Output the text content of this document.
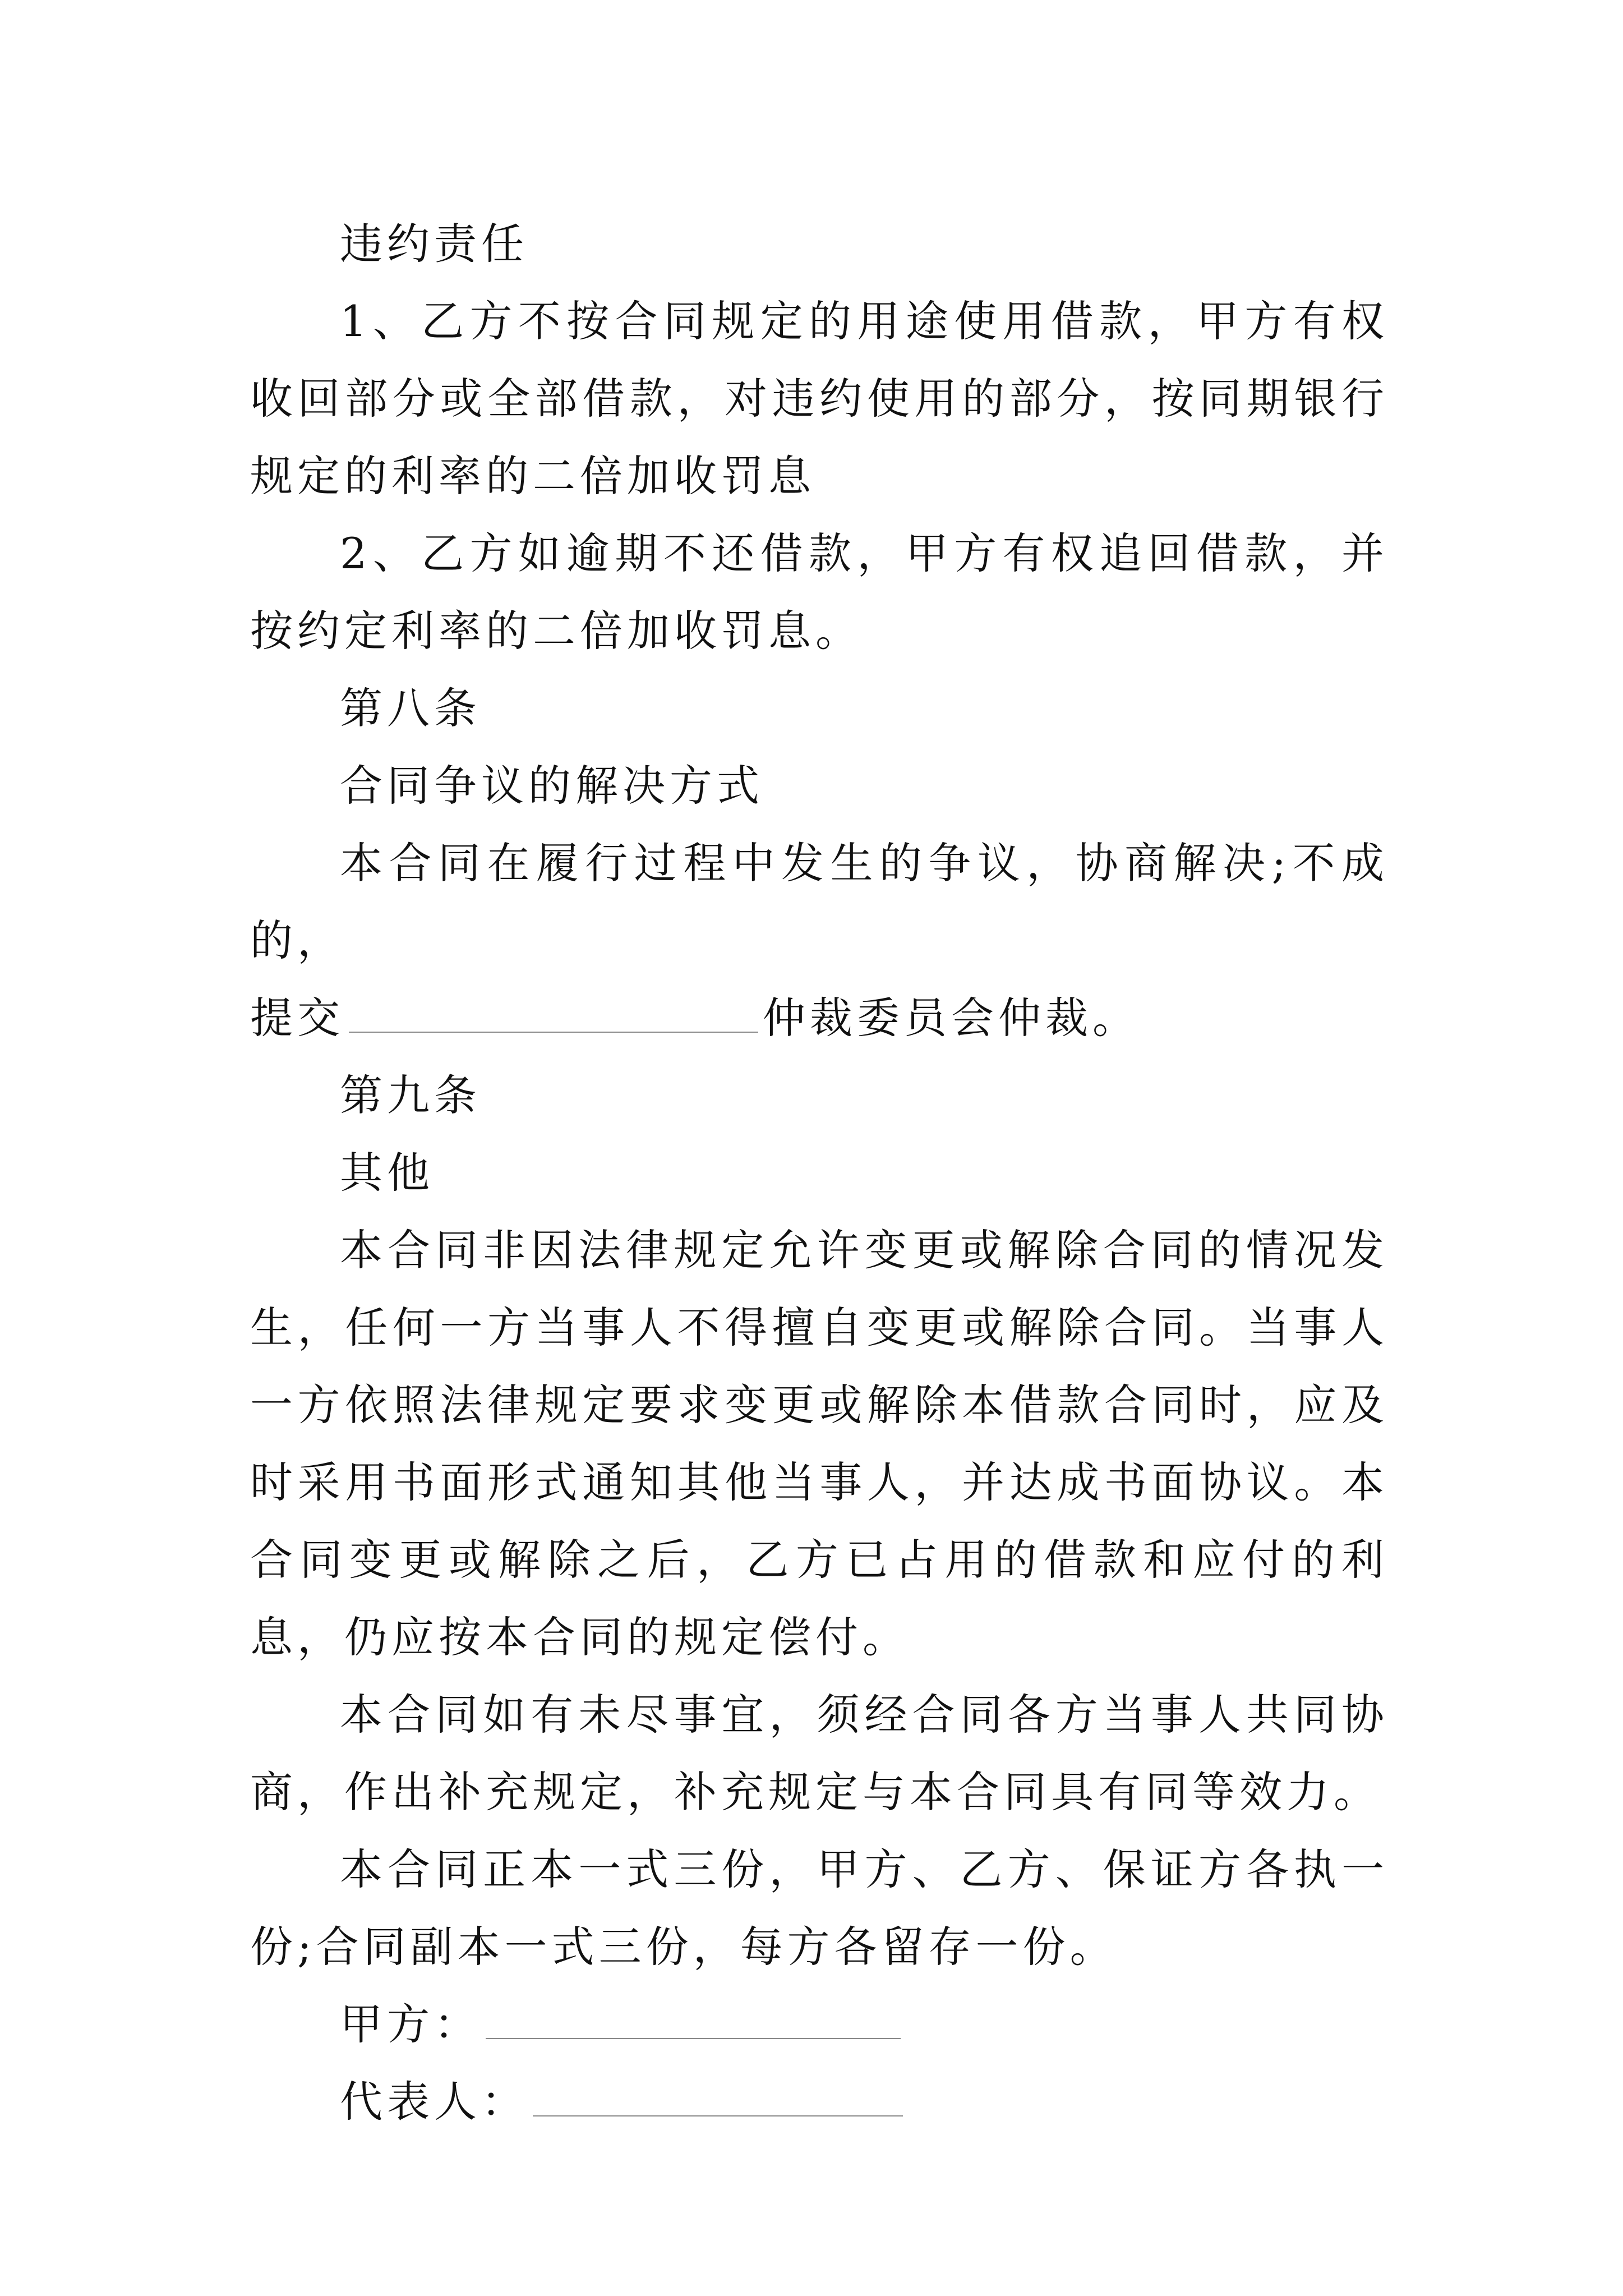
违约责任

1、乙方不按合同规定的用途使用借款，甲方有权收回部分或全部借款，对违约使用的部分，按同期银行规定的利率的二倍加收罚息

2、乙方如逾期不还借款，甲方有权追回借款，并按约定利率的二倍加收罚息。

第八条

合同争议的解决方式

本合同在履行过程中发生的争议，协商解决;不成的，

提交	仲裁委员会仲裁。

第九条

其他

本合同非因法律规定允许变更或解除合同的情况发生，任何一方当事人不得擅自变更或解除合同。当事人一方依照法律规定要求变更或解除本借款合同时，应及时采用书面形式通知其他当事人，并达成书面协议。本合同变更或解除之后，乙方已占用的借款和应付的利息，仍应按本合同的规定偿付。

本合同如有未尽事宜，须经合同各方当事人共同协商，作出补充规定，补充规定与本合同具有同等效力。

本合同正本一式三份，甲方、乙方、保证方各执一份;合同副本一式三份，每方各留存一份。

甲方：

代表人：
